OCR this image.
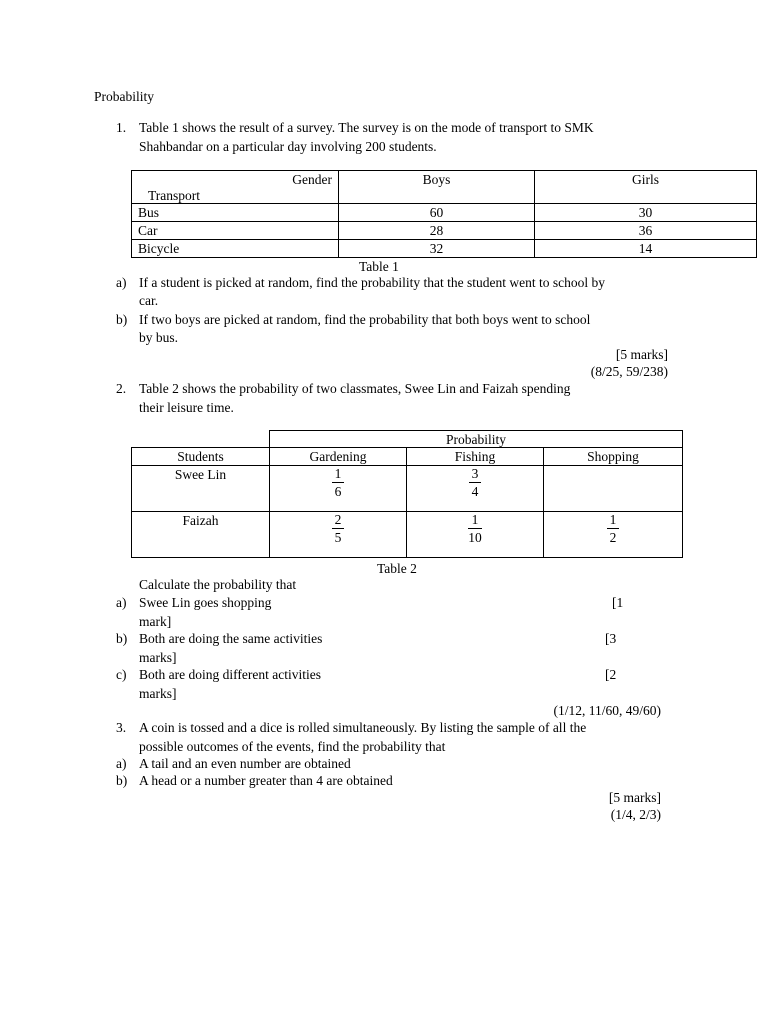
Probability
1. Table 1 shows the result of a survey. The survey is on the mode of transport to SMK
Shahbandar on a particular day involving 200 students.
Gender
Transport	Boys	Girls
Bus	60	30
Car	28	36
Bicycle	32	14
Table 1
a) If a student is picked at random, find the probability that the student went to school by
car.
b) If two boys are picked at random, find the probability that both boys went to school
by bus.
[5 marks]
(8/25, 59/238)
2. Table 2 shows the probability of two classmates, Swee Lin and Faizah spending
their leisure time.
Probability
Students	Gardening	Fishing	Shopping
Swee Lin	$\frac{1}{6}$	$\frac{3}{4}$

Faizah	$\frac{2}{5}$	$\frac{1}{10}$	$\frac{1}{2}$
Table 2
Calculate the probability that
a) Swee Lin goes shopping	[1
mark]
b) Both are doing the same activities	[3
marks]
c) Both are doing different activities	[2
marks]
(1/12, 11/60, 49/60)
3. A coin is tossed and a dice is rolled simultaneously. By listing the sample of all the
possible outcomes of the events, find the probability that
a) A tail and an even number are obtained
b) A head or a number greater than 4 are obtained
[5 marks]
(1/4, 2/3)
